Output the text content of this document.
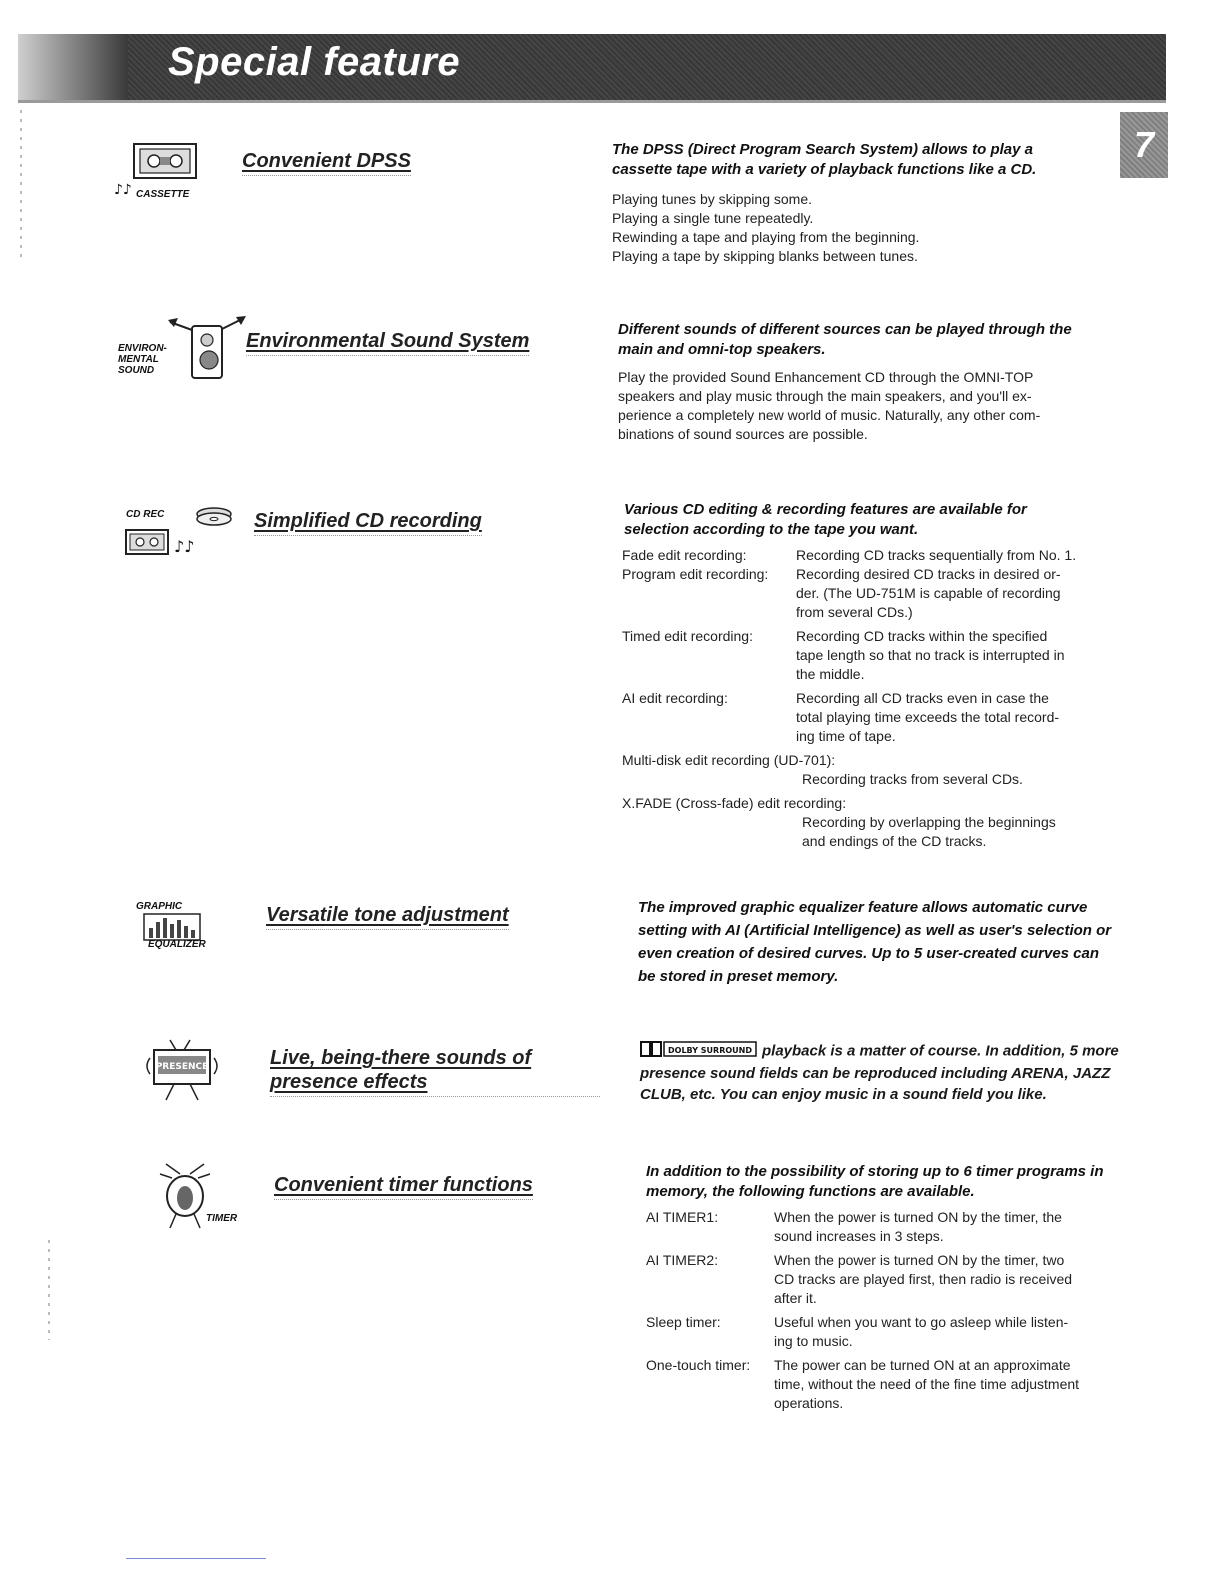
Special feature
7
♪♪ CASSETTE
Convenient DPSS

The DPSS (Direct Program Search System) allows to play a cassette tape with a variety of playback functions like a CD.

Playing tunes by skipping some.

Playing a single tune repeatedly.

Rewinding a tape and playing from the beginning.

Playing a tape by skipping blanks between tunes.

ENVIRON-
MENTAL
SOUND
Environmental Sound System

Different sounds of different sources can be played through the main and omni-top speakers.

Play the provided Sound Enhancement CD through the OMNI-TOP

speakers and play music through the main speakers, and you'll ex-

perience a completely new world of music. Naturally, any other com-

binations of sound sources are possible.

CD REC
♪♪
Simplified CD recording

Various CD editing & recording features are available for selection according to the tape you want.

Fade edit recording:	Recording CD tracks sequentially from No. 1.
Program edit recording:	Recording desired CD tracks in desired or-
der. (The UD-751M is capable of recording
from several CDs.)
Timed edit recording:	Recording CD tracks within the specified
tape length so that no track is interrupted in
the middle.
AI edit recording:	Recording all CD tracks even in case the
total playing time exceeds the total record-
ing time of tape.
Multi-disk edit recording (UD-701):
Recording tracks from several CDs.
X.FADE (Cross-fade) edit recording:
Recording by overlapping the beginnings
and endings of the CD tracks.
GRAPHIC
EQUALIZER
Versatile tone adjustment	The improved graphic equalizer feature allows automatic curve setting with AI (Artificial Intelligence) as well as user's selection or even creation of desired curves. Up to 5 user-created curves can be stored in preset memory.

PRESENCE	Live, being-there sounds of presence effects
DOLBY SURROUND playback is a matter of course. In addition, 5 more presence sound fields can be reproduced including ARENA, JAZZ CLUB, etc. You can enjoy music in a sound field you like.
TIMER
Convenient timer functions

In addition to the possibility of storing up to 6 timer programs in memory, the following functions are available.

AI TIMER1:	When the power is turned ON by the timer, the
sound increases in 3 steps.
AI TIMER2:	When the power is turned ON by the timer, two
CD tracks are played first, then radio is received
after it.
Sleep timer:	Useful when you want to go asleep while listen-
ing to music.
One-touch timer:	The power can be turned ON at an approximate
time, without the need of the fine time adjustment
operations.
